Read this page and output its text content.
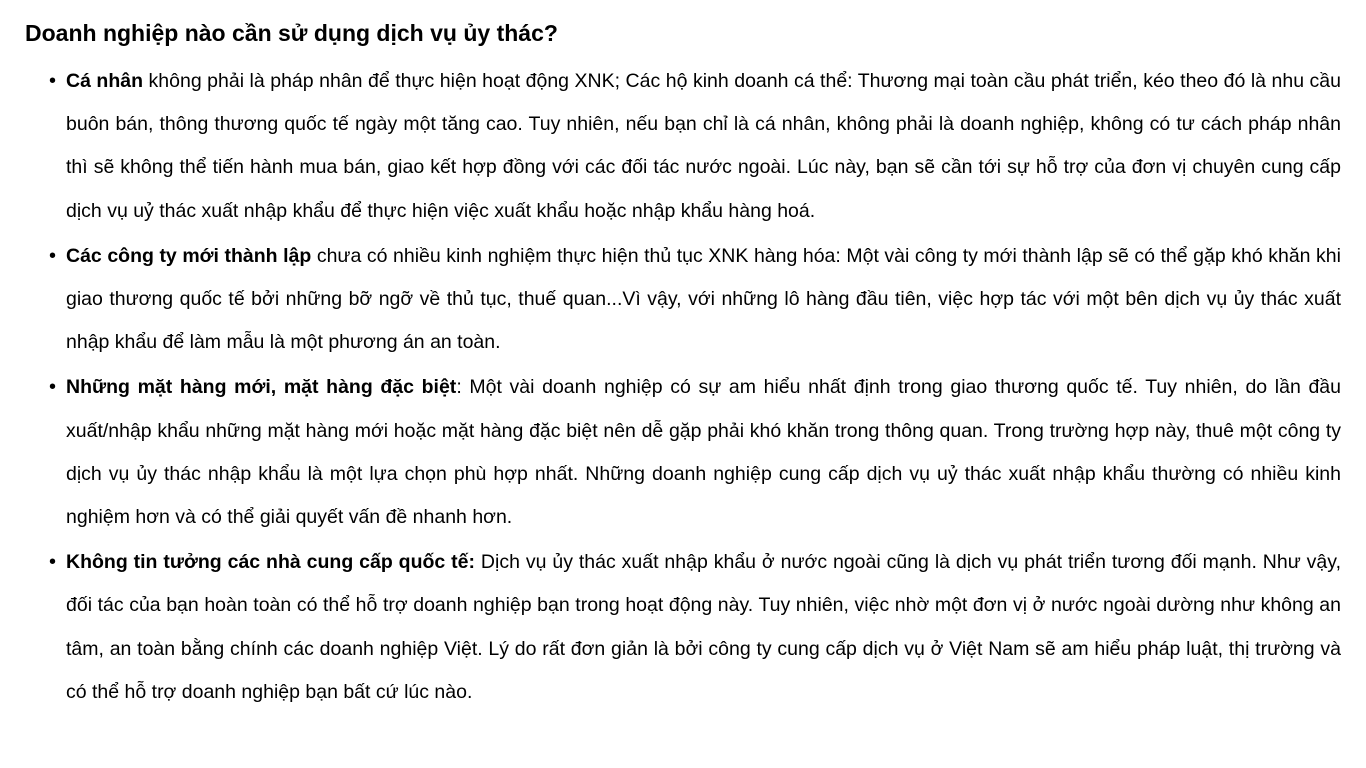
Doanh nghiệp nào cần sử dụng dịch vụ ủy thác?
• Cá nhân không phải là pháp nhân để thực hiện hoạt động XNK; Các hộ kinh doanh cá thể: Thương mại toàn cầu phát triển, kéo theo đó là nhu cầu buôn bán, thông thương quốc tế ngày một tăng cao. Tuy nhiên, nếu bạn chỉ là cá nhân, không phải là doanh nghiệp, không có tư cách pháp nhân thì sẽ không thể tiến hành mua bán, giao kết hợp đồng với các đối tác nước ngoài. Lúc này, bạn sẽ cần tới sự hỗ trợ của đơn vị chuyên cung cấp dịch vụ uỷ thác xuất nhập khẩu để thực hiện việc xuất khẩu hoặc nhập khẩu hàng hoá.
• Các công ty mới thành lập chưa có nhiều kinh nghiệm thực hiện thủ tục XNK hàng hóa: Một vài công ty mới thành lập sẽ có thể gặp khó khăn khi giao thương quốc tế bởi những bỡ ngỡ về thủ tục, thuế quan...Vì vậy, với những lô hàng đầu tiên, việc hợp tác với một bên dịch vụ ủy thác xuất nhập khẩu để làm mẫu là một phương án an toàn.
• Những mặt hàng mới, mặt hàng đặc biệt: Một vài doanh nghiệp có sự am hiểu nhất định trong giao thương quốc tế. Tuy nhiên, do lần đầu xuất/nhập khẩu những mặt hàng mới hoặc mặt hàng đặc biệt nên dễ gặp phải khó khăn trong thông quan. Trong trường hợp này, thuê một công ty dịch vụ ủy thác nhập khẩu là một lựa chọn phù hợp nhất. Những doanh nghiệp cung cấp dịch vụ uỷ thác xuất nhập khẩu thường có nhiều kinh nghiệm hơn và có thể giải quyết vấn đề nhanh hơn.
• Không tin tưởng các nhà cung cấp quốc tế: Dịch vụ ủy thác xuất nhập khẩu ở nước ngoài cũng là dịch vụ phát triển tương đối mạnh. Như vậy, đối tác của bạn hoàn toàn có thể hỗ trợ doanh nghiệp bạn trong hoạt động này. Tuy nhiên, việc nhờ một đơn vị ở nước ngoài dường như không an tâm, an toàn bằng chính các doanh nghiệp Việt. Lý do rất đơn giản là bởi công ty cung cấp dịch vụ ở Việt Nam sẽ am hiểu pháp luật, thị trường và có thể hỗ trợ doanh nghiệp bạn bất cứ lúc nào.
